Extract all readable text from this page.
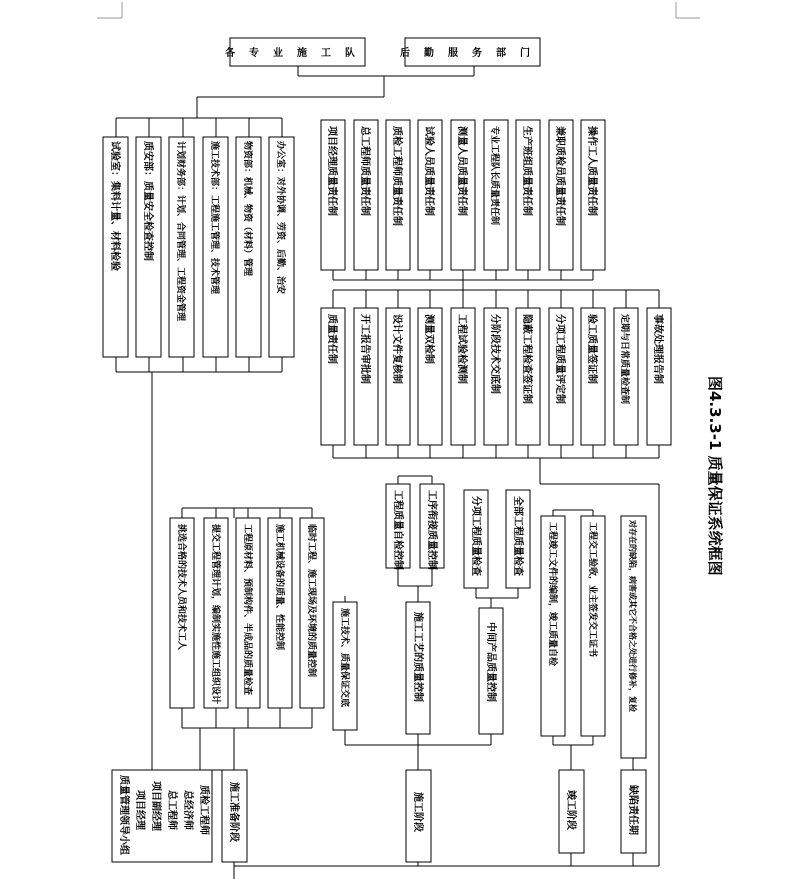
各专业施工队	后勤服务部门
试验室：集料计量、材料检验 质安部：质量安全检查控制 计划财务部：计划、合同管理、工程资金管理	施工技术部：工程施工管理、技术管理	物资部：机械、物资（材料）管理	办公室：对外协调、劳资、后勤、治安	项目经理质量责任制 总工程师质量责任制 质检工程师质量责任制 试验人员质量责任制 测量人员质量责任制 专业工程队长质量责任制 生产班组质量责任制 兼职质检员质量责任制 操作工人质量责任制
质量责任制 开工报告审批制 设计文件复核制 测量双检制 工程试验检测制 分阶段技术交底制 隐蔽工程检查签证制 分项工程质量评定制 验工质量签证制 定期与日常质量检查制 事故处理报告制
质量管理领导小组 项目经理 项目副经理 总工程师 总经济师 质检工程师 施工准备阶段	施工阶段	竣工阶段	缺陷责任期
挑选合格的技术人员和技术工人	提交工程管理计划，编制实施性施工组织设计 工程原材料、预制构件、半成品的质量检查 施工机械设备的质量、性能控制 临时工程、施工现场及环境的质量控制	施工技术、质量保证交底	施工工艺的质量控制	中间产品质量控制
工程质量自检控制 工序衔接质量控制	分项工程质量检查	全部工程质量检查	工程竣工文件的编制，竣工质量自检	工程交工验收，业主签发交工证书	对存在的缺陷，病害或其它不合格之处进行修补，复检
图4.3.3-1 质量保证系统框图
